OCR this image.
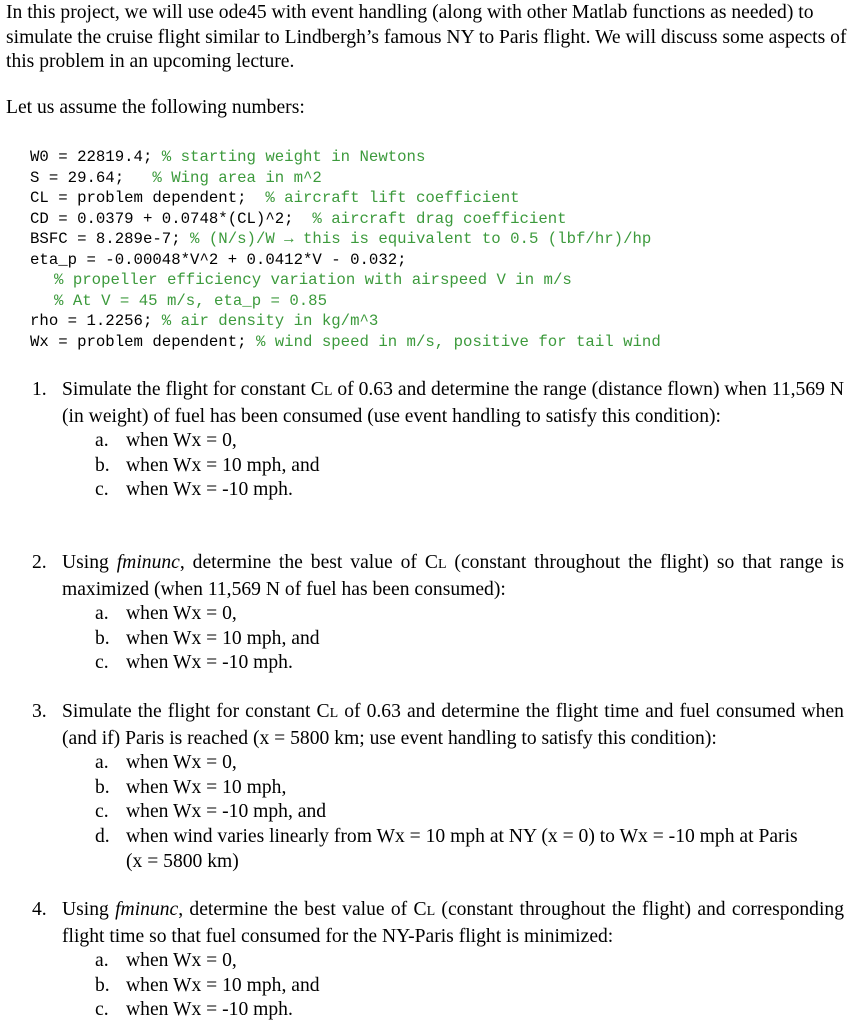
In this project, we will use ode45 with event handling (along with other Matlab functions as needed) to simulate the cruise flight similar to Lindbergh’s famous NY to Paris flight. We will discuss some aspects of this problem in an upcoming lecture.

Let us assume the following numbers:

W0 = 22819.4; % starting weight in Newtons
S = 29.64;   % Wing area in m^2
CL = problem dependent;  % aircraft lift coefficient
CD = 0.0379 + 0.0748*(CL)^2;  % aircraft drag coefficient
BSFC = 8.289e-7; % (N/s)/W → this is equivalent to 0.5 (lbf/hr)/hp
eta_p = -0.00048*V^2 + 0.0412*V - 0.032;
% propeller efficiency variation with airspeed V in m/s
% At V = 45 m/s, eta_p = 0.85
rho = 1.2256; % air density in kg/m^3
Wx = problem dependent; % wind speed in m/s, positive for tail wind
1. Simulate the flight for constant CL of 0.63 and determine the range (distance flown) when 11,569 N (in weight) of fuel has been consumed (use event handling to satisfy this condition):
a. when Wx = 0,
b. when Wx = 10 mph, and
c. when Wx = -10 mph.
2. Using fminunc, determine the best value of CL (constant throughout the flight) so that range is maximized (when 11,569 N of fuel has been consumed):
a. when Wx = 0,
b. when Wx = 10 mph, and
c. when Wx = -10 mph.
3. Simulate the flight for constant CL of 0.63 and determine the flight time and fuel consumed when (and if) Paris is reached (x = 5800 km; use event handling to satisfy this condition):
a. when Wx = 0,
b. when Wx = 10 mph,
c. when Wx = -10 mph, and
d. when wind varies linearly from Wx = 10 mph at NY (x = 0) to Wx = -10 mph at Paris (x = 5800 km)
4. Using fminunc, determine the best value of CL (constant throughout the flight) and corresponding flight time so that fuel consumed for the NY-Paris flight is minimized:
a. when Wx = 0,
b. when Wx = 10 mph, and
c. when Wx = -10 mph.
